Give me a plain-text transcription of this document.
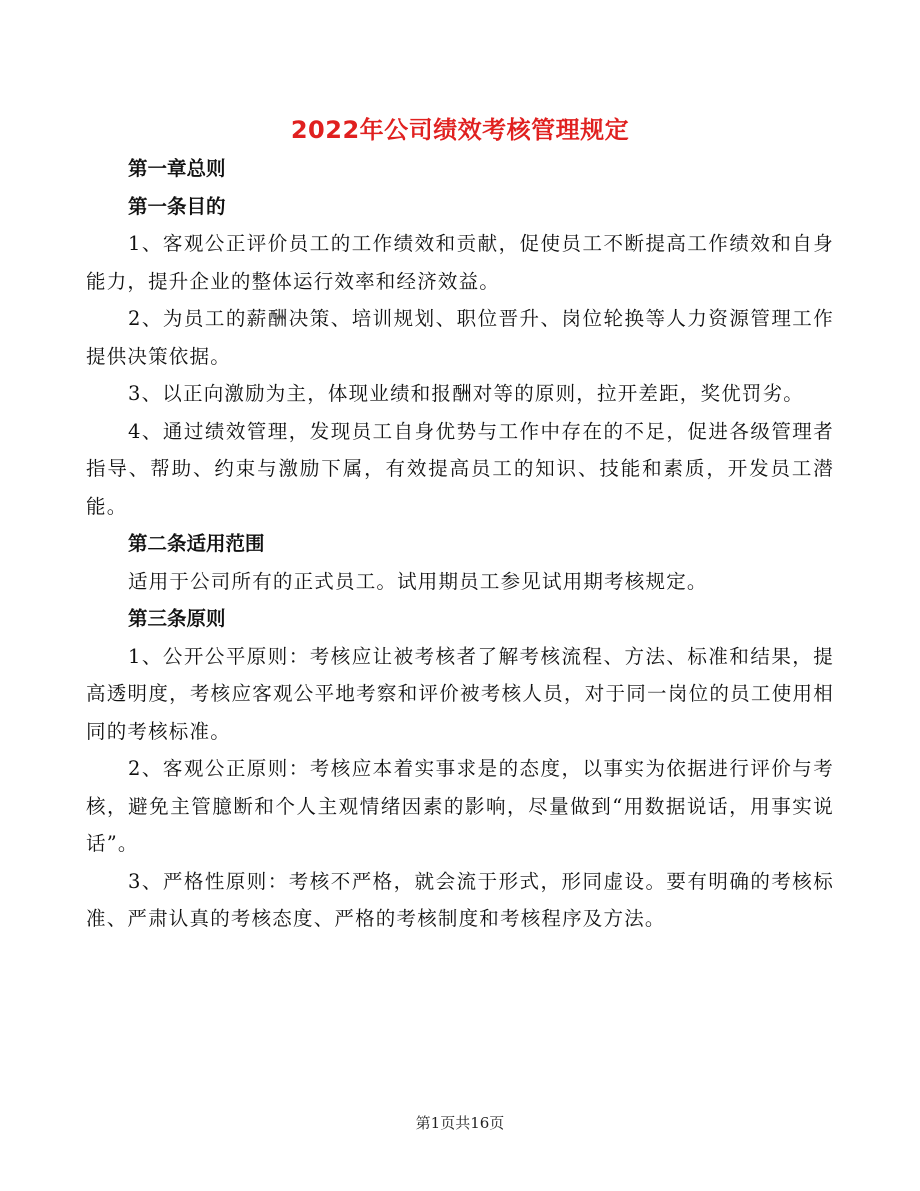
2022年公司绩效考核管理规定

第一章总则

第一条目的

1、客观公正评价员工的工作绩效和贡献，促使员工不断提高工作绩效和自身能力，提升企业的整体运行效率和经济效益。

2、为员工的薪酬决策、培训规划、职位晋升、岗位轮换等人力资源管理工作提供决策依据。

3、以正向激励为主，体现业绩和报酬对等的原则，拉开差距，奖优罚劣。

4、通过绩效管理，发现员工自身优势与工作中存在的不足，促进各级管理者指导、帮助、约束与激励下属，有效提高员工的知识、技能和素质，开发员工潜能。

第二条适用范围

适用于公司所有的正式员工。试用期员工参见试用期考核规定。

第三条原则

1、公开公平原则：考核应让被考核者了解考核流程、方法、标准和结果，提高透明度，考核应客观公平地考察和评价被考核人员，对于同一岗位的员工使用相同的考核标准。

2、客观公正原则：考核应本着实事求是的态度，以事实为依据进行评价与考核，避免主管臆断和个人主观情绪因素的影响，尽量做到“用数据说话，用事实说话”。

3、严格性原则：考核不严格，就会流于形式，形同虚设。要有明确的考核标准、严肃认真的考核态度、严格的考核制度和考核程序及方法。

第1页共16页
